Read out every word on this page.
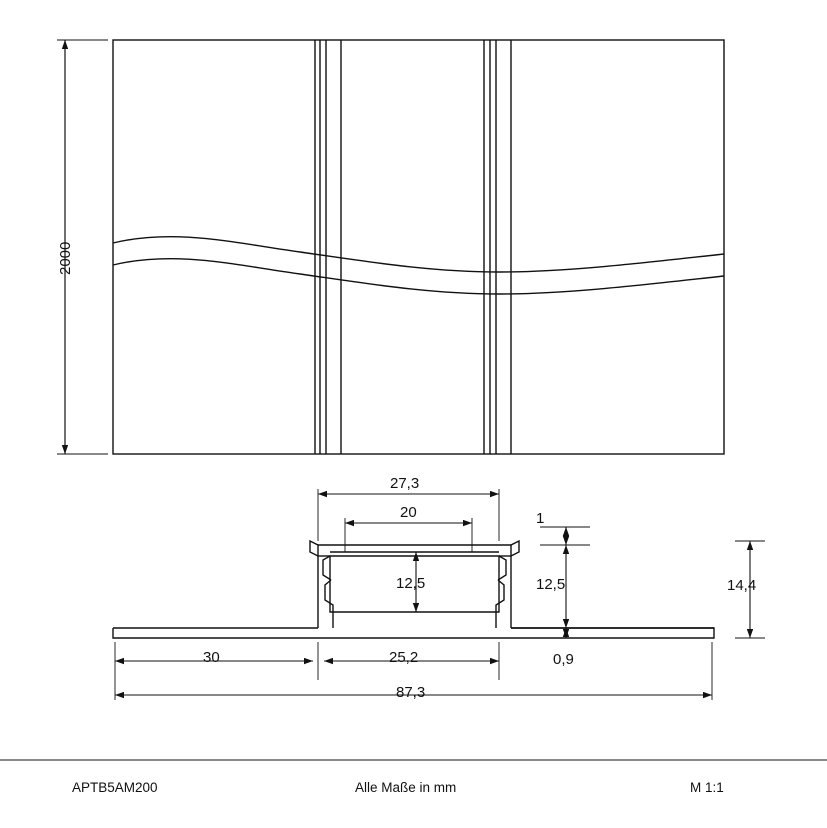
2000
27,3
20
12,5
1
12,5	14,4
30	25,2	0,9
87,3
APTB5AM200	Alle Maße in mm	M 1:1
